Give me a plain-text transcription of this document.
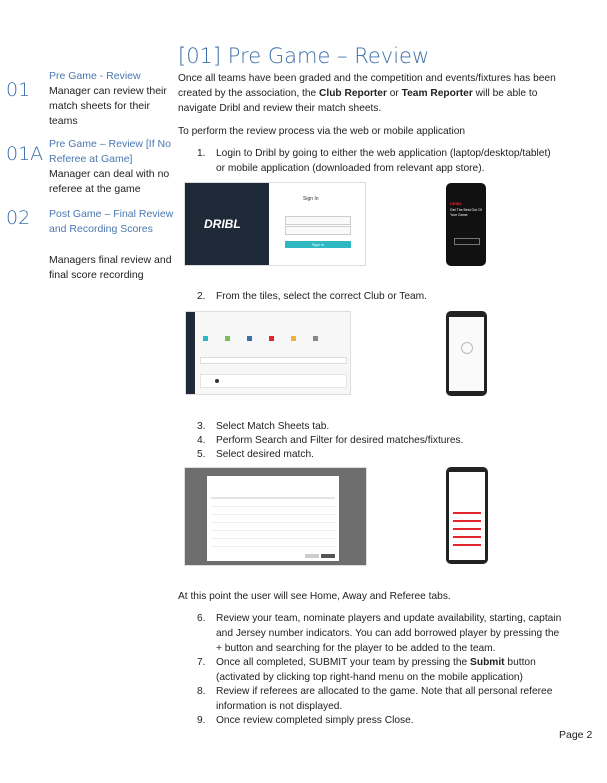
01
Pre Game - Review
Manager can review their match sheets for their teams
01A Pre Game – Review [If No Referee at Game]
Manager can deal with no referee at the game
02 Post Game – Final Review and Recording Scores
Managers final review and final score recording
[01] Pre Game – Review
Once all teams have been graded and the competition and events/fixtures has been created by the association, the Club Reporter or Team Reporter will be able to navigate Dribl and review their match sheets.
To perform the review process via the web or mobile application
1. Login to Dribl by going to either the web application (laptop/desktop/tablet) or mobile application (downloaded from relevant app store).
DRIBL
Sign In
Sign in
DRIBL
Get The Best Out Of Your Game
2. From the tiles, select the correct Club or Team.
3. Select Match Sheets tab.
4. Perform Search and Filter for desired matches/fixtures.
5. Select desired match.
At this point the user will see Home, Away and Referee tabs.
6. Review your team, nominate players and update availability, starting, captain and Jersey number indicators. You can add borrowed player by pressing the + button and searching for the player to be added to the team.
7. Once all completed, SUBMIT your team by pressing the Submit button (activated by clicking top right-hand menu on the mobile application)
8. Review if referees are allocated to the game. Note that all personal referee information is not displayed.
9. Once review completed simply press Close.
Page 2
